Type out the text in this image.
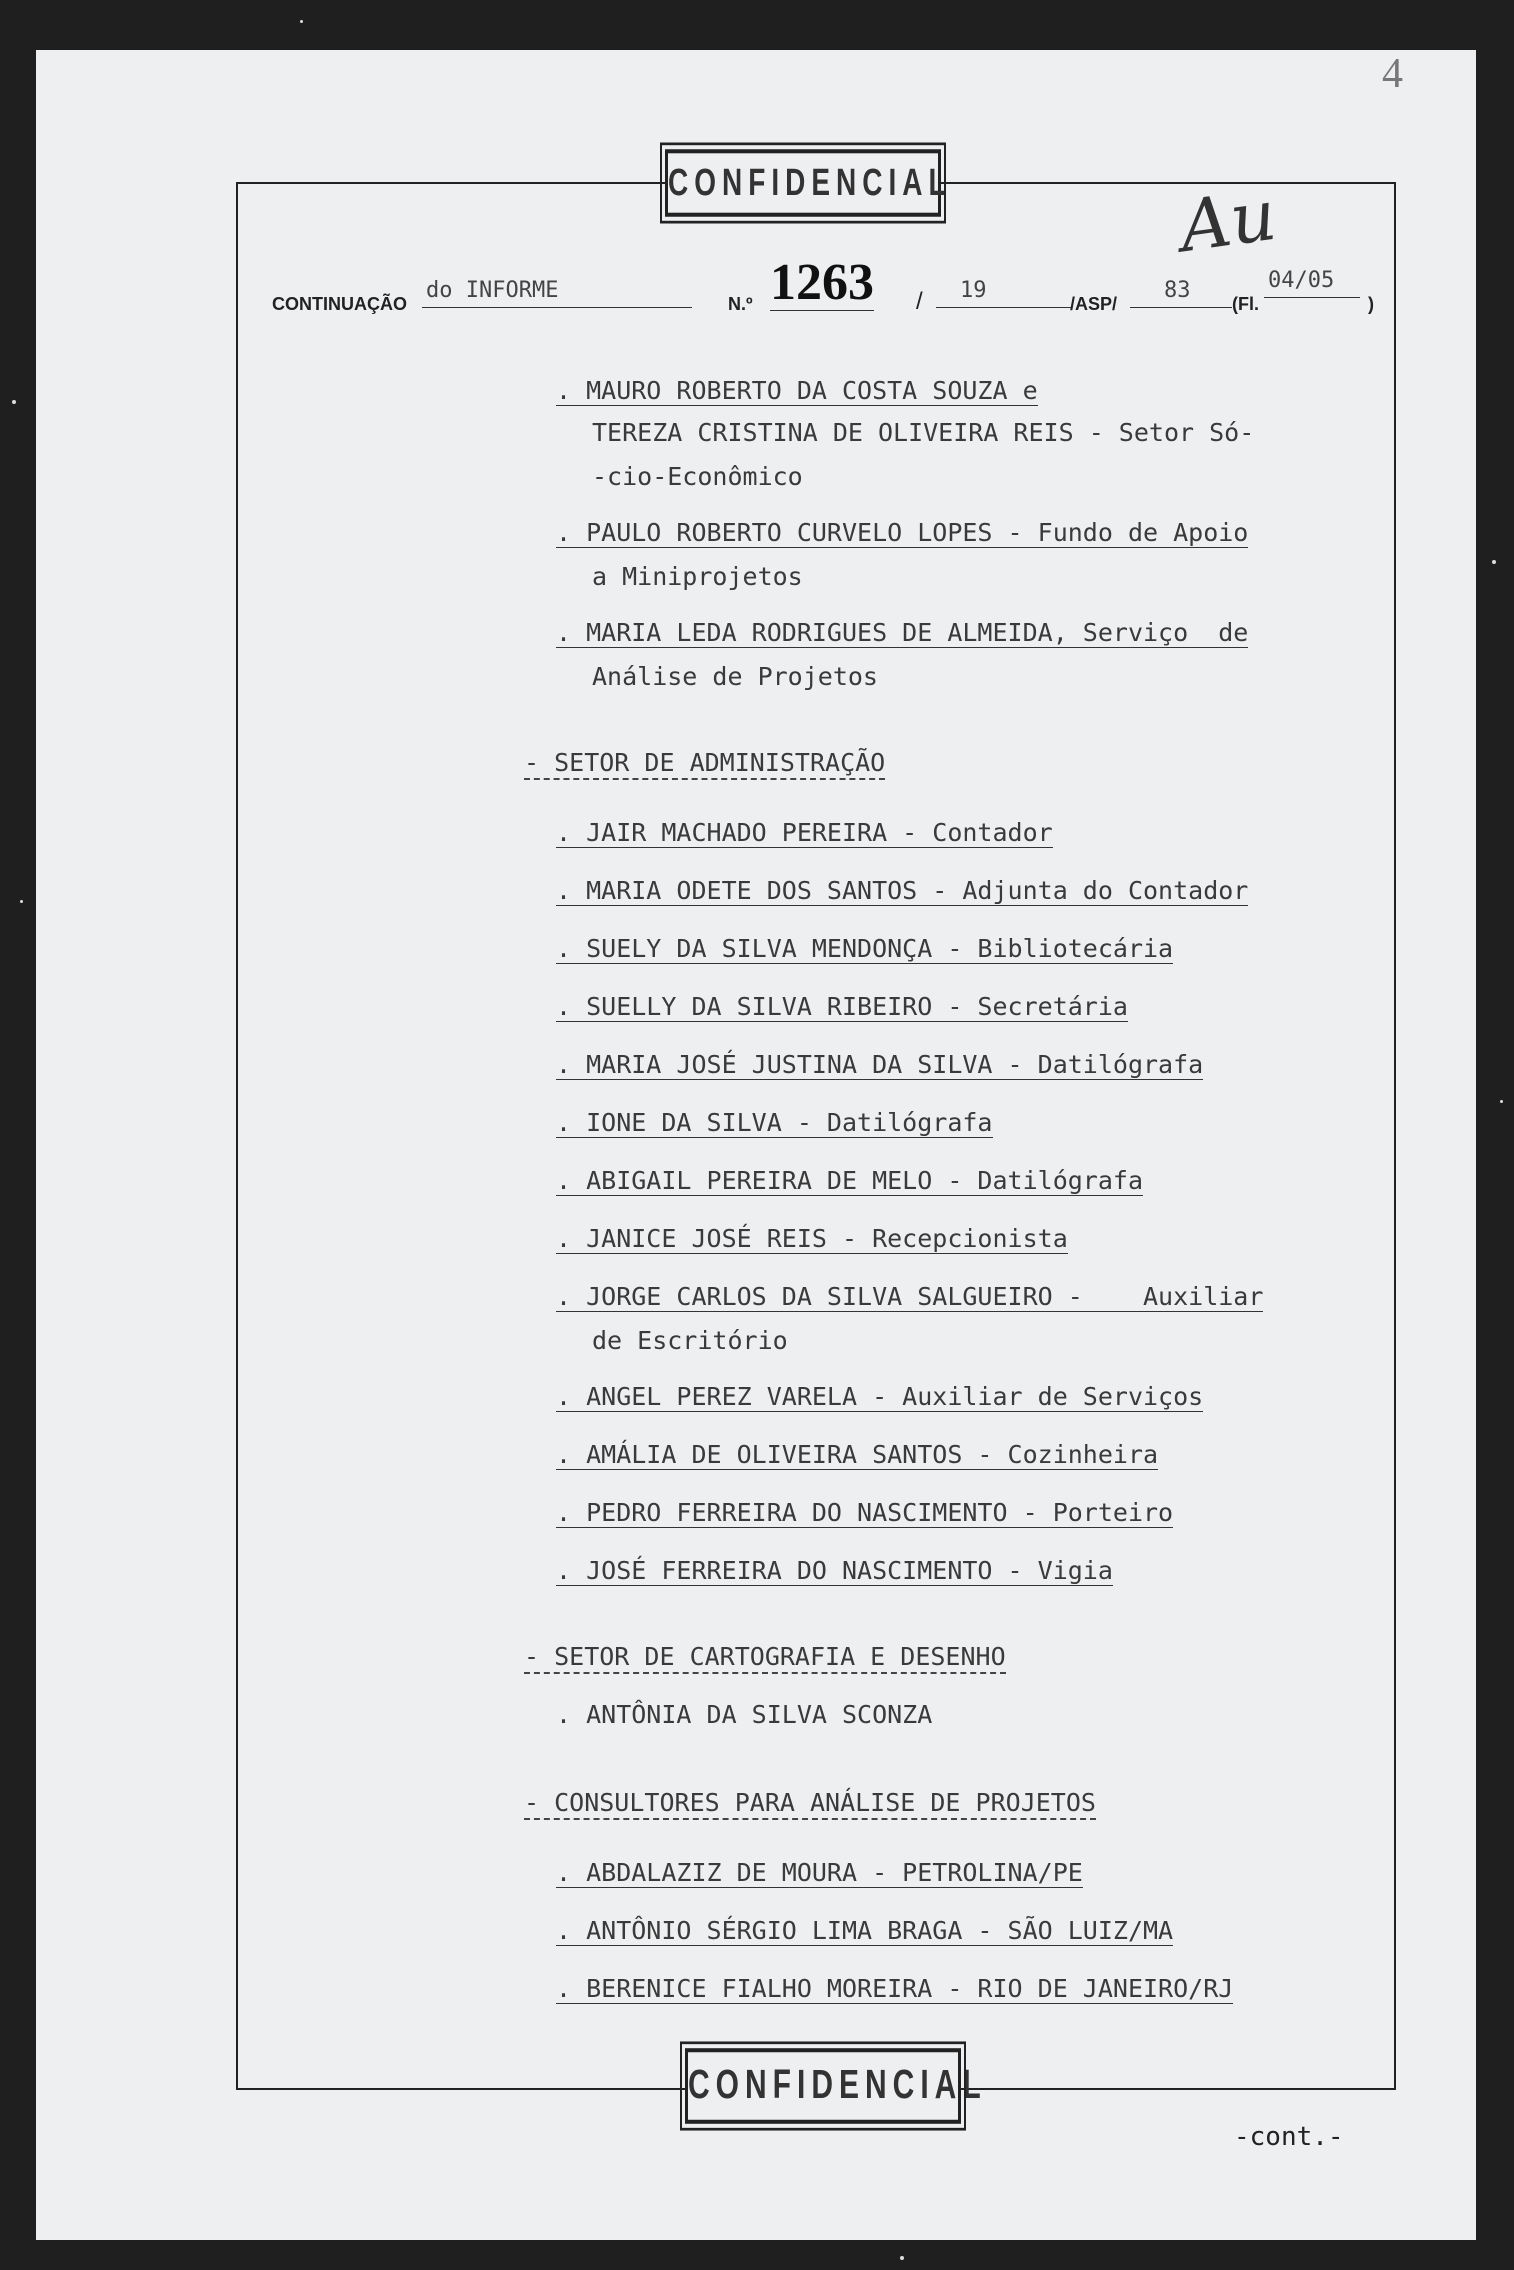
4
CONFIDENCIAL	Au
CONTINUAÇÃO
do INFORME
N.º 1263 /	19
/ASP/
83
(Fl.
04/05
)
. MAURO ROBERTO DA COSTA SOUZA e
TEREZA CRISTINA DE OLIVEIRA REIS - Setor Só-
-cio-Econômico
. PAULO ROBERTO CURVELO LOPES - Fundo de Apoio
a Miniprojetos
. MARIA LEDA RODRIGUES DE ALMEIDA, Serviço  de
Análise de Projetos
- SETOR DE ADMINISTRAÇÃO
. JAIR MACHADO PEREIRA - Contador
. MARIA ODETE DOS SANTOS - Adjunta do Contador
. SUELY DA SILVA MENDONÇA - Bibliotecária
. SUELLY DA SILVA RIBEIRO - Secretária
. MARIA JOSÉ JUSTINA DA SILVA - Datilógrafa
. IONE DA SILVA - Datilógrafa
. ABIGAIL PEREIRA DE MELO - Datilógrafa
. JANICE JOSÉ REIS - Recepcionista
. JORGE CARLOS DA SILVA SALGUEIRO -    Auxiliar
de Escritório
. ANGEL PEREZ VARELA - Auxiliar de Serviços
. AMÁLIA DE OLIVEIRA SANTOS - Cozinheira
. PEDRO FERREIRA DO NASCIMENTO - Porteiro
. JOSÉ FERREIRA DO NASCIMENTO - Vigia
- SETOR DE CARTOGRAFIA E DESENHO
. ANTÔNIA DA SILVA SCONZA
- CONSULTORES PARA ANÁLISE DE PROJETOS
. ABDALAZIZ DE MOURA - PETROLINA/PE
. ANTÔNIO SÉRGIO LIMA BRAGA - SÃO LUIZ/MA
. BERENICE FIALHO MOREIRA - RIO DE JANEIRO/RJ
CONFIDENCIAL
-cont.-
